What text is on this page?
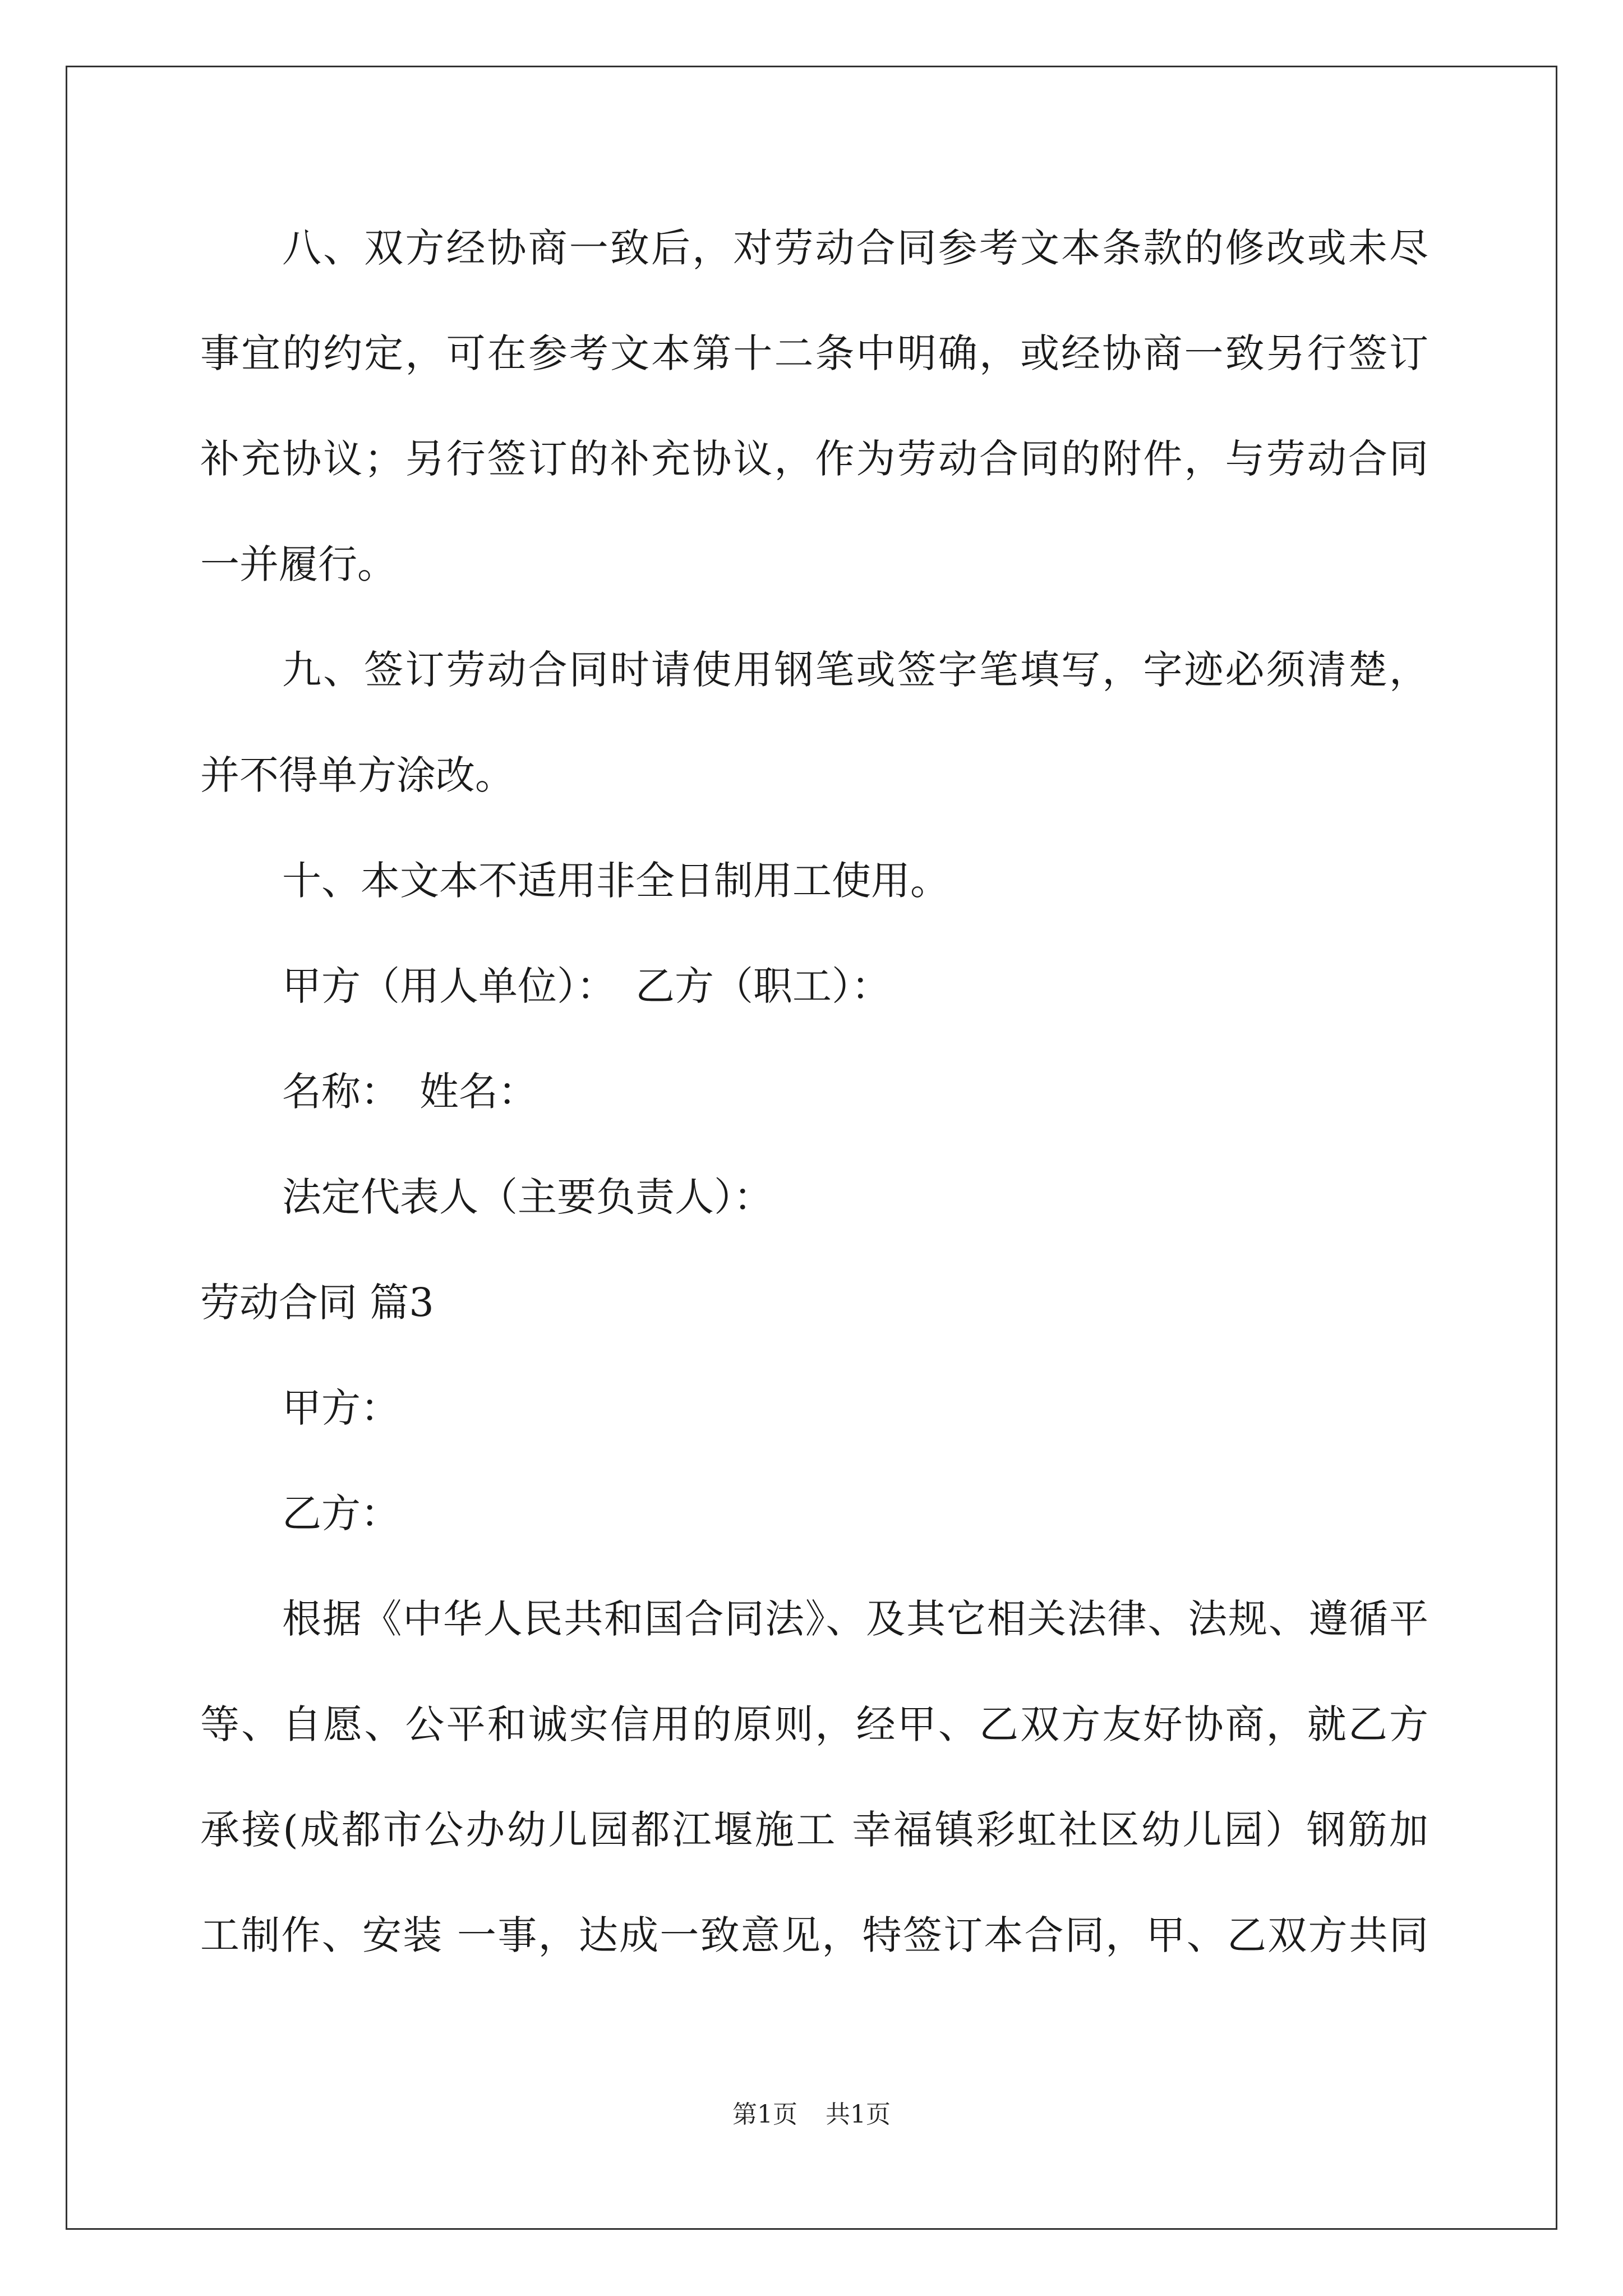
八、双方经协商一致后，对劳动合同参考文本条款的修改或未尽
事宜的约定，可在参考文本第十二条中明确，或经协商一致另行签订
补充协议；另行签订的补充协议，作为劳动合同的附件，与劳动合同
一并履行。
九、签订劳动合同时请使用钢笔或签字笔填写，字迹必须清楚，
并不得单方涂改。
十、本文本不适用非全日制用工使用。
甲方（用人单位）：　乙方（职工）：
名称：　姓名：
法定代表人（主要负责人）：
劳动合同 篇3
甲方：
乙方：
根据《中华人民共和国合同法》、及其它相关法律、法规、遵循平
等、自愿、公平和诚实信用的原则，经甲、乙双方友好协商，就乙方
承接(成都市公办幼儿园都江堰施工 幸福镇彩虹社区幼儿园）钢筋加
工制作、安装 一事，达成一致意见，特签订本合同，甲、乙双方共同
第1页 共1页
